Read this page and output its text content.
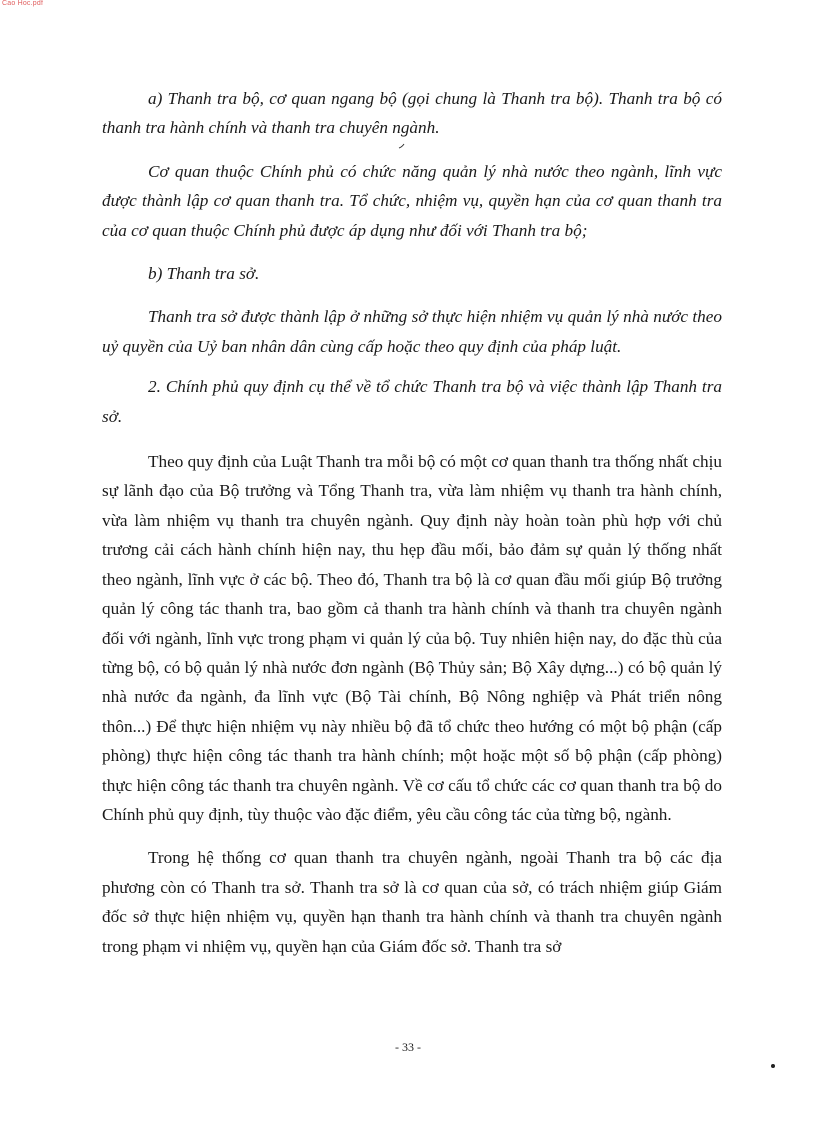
Cao Hoc.pdf

a) Thanh tra bộ, cơ quan ngang bộ (gọi chung là Thanh tra bộ). Thanh tra bộ có thanh tra hành chính và thanh tra chuyên ngành.

Cơ quan thuộc Chính phủ có chức năng quản lý nhà nước theo ngành, lĩnh vực được thành lập cơ quan thanh tra. Tổ chức, nhiệm vụ, quyền hạn của cơ quan thanh tra của cơ quan thuộc Chính phủ được áp dụng như đối với Thanh tra bộ;

b) Thanh tra sở.

Thanh tra sở được thành lập ở những sở thực hiện nhiệm vụ quản lý nhà nước theo uỷ quyền của Uỷ ban nhân dân cùng cấp hoặc theo quy định của pháp luật.

2. Chính phủ quy định cụ thể về tổ chức Thanh tra bộ và việc thành lập Thanh tra sở.

Theo quy định của Luật Thanh tra mỗi bộ có một cơ quan thanh tra thống nhất chịu sự lãnh đạo của Bộ trưởng và Tổng Thanh tra, vừa làm nhiệm vụ thanh tra hành chính, vừa làm nhiệm vụ thanh tra chuyên ngành. Quy định này hoàn toàn phù hợp với chủ trương cải cách hành chính hiện nay, thu hẹp đầu mối, bảo đảm sự quản lý thống nhất theo ngành, lĩnh vực ở các bộ. Theo đó, Thanh tra bộ là cơ quan đầu mối giúp Bộ trưởng quản lý công tác thanh tra, bao gồm cả thanh tra hành chính và thanh tra chuyên ngành đối với ngành, lĩnh vực trong phạm vi quản lý của bộ. Tuy nhiên hiện nay, do đặc thù của từng bộ, có bộ quản lý nhà nước đơn ngành (Bộ Thủy sản; Bộ Xây dựng...) có bộ quản lý nhà nước đa ngành, đa lĩnh vực (Bộ Tài chính, Bộ Nông nghiệp và Phát triển nông thôn...) Để thực hiện nhiệm vụ này nhiều bộ đã tổ chức theo hướng có một bộ phận (cấp phòng) thực hiện công tác thanh tra hành chính; một hoặc một số bộ phận (cấp phòng) thực hiện công tác thanh tra chuyên ngành. Về cơ cấu tổ chức các cơ quan thanh tra bộ do Chính phủ quy định, tùy thuộc vào đặc điểm, yêu cầu công tác của từng bộ, ngành.

Trong hệ thống cơ quan thanh tra chuyên ngành, ngoài Thanh tra bộ các địa phương còn có Thanh tra sở. Thanh tra sở là cơ quan của sở, có trách nhiệm giúp Giám đốc sở thực hiện nhiệm vụ, quyền hạn thanh tra hành chính và thanh tra chuyên ngành trong phạm vi nhiệm vụ, quyền hạn của Giám đốc sở. Thanh tra sở

- 33 -
